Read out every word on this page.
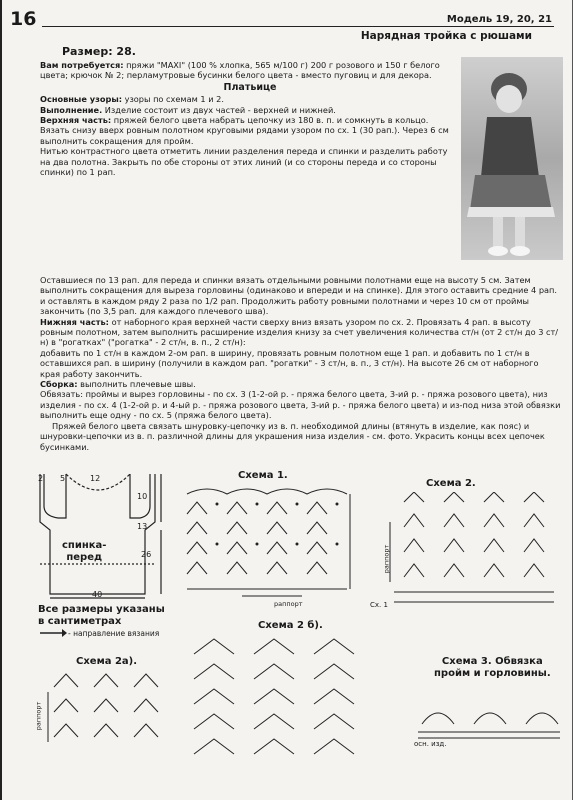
16	Модель 19, 20, 21
Нарядная тройка с рюшами
Размер: 28.

Вам потребуется: пряжи "MAXI" (100 % хлопка, 565 м/100 г) 200 г розового и 150 г белого цвета; крючок № 2; перламутровые бусинки белого цвета - вместо пуговиц и для декора.

Платьице

Основные узоры: узоры по схемам 1 и 2.

Выполнение. Изделие состоит из двух частей - верхней и нижней.

Верхняя часть: пряжей белого цвета набрать цепочку из 180 в. п. и сомкнуть в кольцо.

Вязать снизу вверх ровным полотном круговыми рядами узором по сх. 1 (30 рап.). Через 6 см выполнить сокращения для пройм.

Нитью контрастного цвета отметить линии разделения переда и спинки и разделить работу на два полотна. Закрыть по обе стороны от этих линий (и со стороны переда и со стороны спинки) по 1 рап.

Оставшиеся по 13 рап. для переда и спинки вязать отдельными ровными полотнами еще на высоту 5 см. Затем выполнить сокращения для выреза горловины (одинаково и впереди и на спинке). Для этого оставить средние 4 рап. и оставлять в каждом ряду 2 раза по 1/2 рап. Продолжить работу ровными полотнами и через 10 см от проймы закончить (по 3,5 рап. для каждого плечевого шва).

Нижняя часть: от наборного края верхней части сверху вниз вязать узором по сх. 2. Провязать 4 рап. в высоту ровным полотном, затем выполнить расширение изделия книзу за счет увеличения количества ст/н (от 2 ст/н до 3 ст/н) в "рогатках" ("рогатка" - 2 ст/н, в. п., 2 ст/н):

добавить по 1 ст/н в каждом 2-ом рап. в ширину, провязать ровным полотном еще 1 рап. и добавить по 1 ст/н в оставшихся рап. в ширину (получили в каждом рап. "рогатки" - 3 ст/н, в. п., 3 ст/н). На высоте 26 см от наборного края работу закончить.

Сборка: выполнить плечевые швы.

Обвязать: проймы и вырез горловины - по сх. 3 (1-2-ой р. - пряжа белого цвета, 3-ий р. - пряжа розового цвета), низ изделия - по сх. 4 (1-2-ой р. и 4-ый р. - пряжа розового цвета, 3-ий р. - пряжа белого цвета) и из-под низа этой обвязки выполнить еще одну - по сх. 5 (пряжа белого цвета).

Пряжей белого цвета связать шнуровку-цепочку из в. п. необходимой длины (втянуть в изделие, как пояс) и шнуровки-цепочки из в. п. различной длины для украшения низа изделия - см. фото. Украсить концы всех цепочек бусинками.

2 5	12
10
13
26
40
спинка-
перед
Все размеры указаны
в сантиметрах
- направление вязания
Схема 1.
раппорт
Схема 2.
раппорт
Сх. 1
Схема 2а).
раппорт
Схема 2 б).
Схема 3. Обвязка
пройм и горловины.
осн. изд.
